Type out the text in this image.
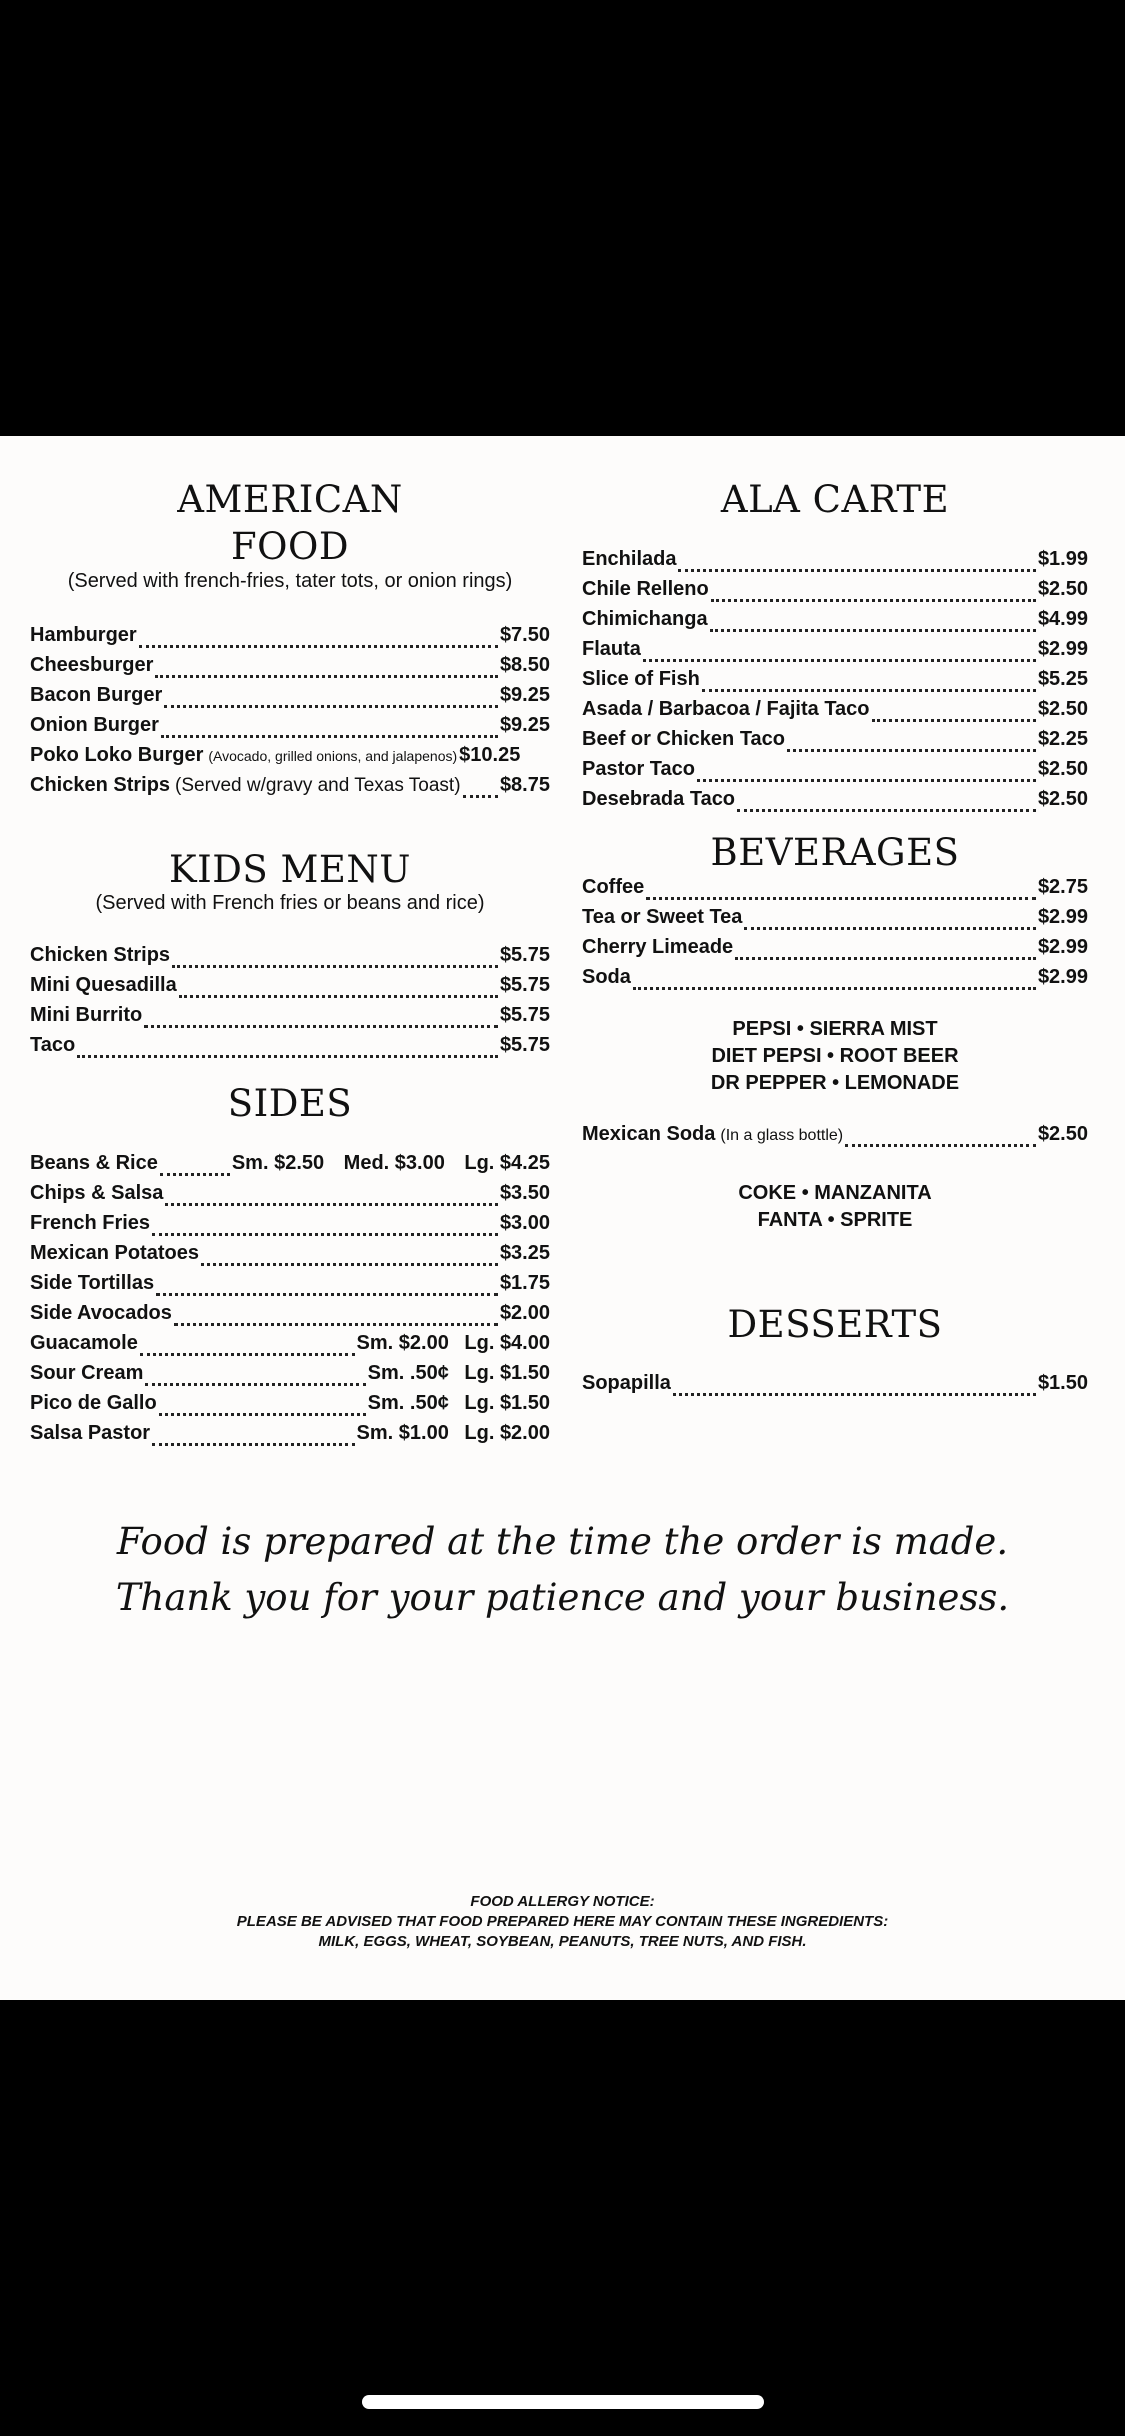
AMERICAN
FOOD
(Served with french-fries, tater tots, or onion rings)
Hamburger	$7.50
Cheesburger	$8.50
Bacon Burger	$9.25
Onion Burger	$9.25
Poko Loko Burger (Avocado, grilled onions, and jalapenos) $10.25
Chicken Strips (Served w/gravy and Texas Toast) $8.75
KIDS MENU
(Served with French fries or beans and rice)
Chicken Strips	$5.75
Mini Quesadilla	$5.75
Mini Burrito	$5.75
Taco	$5.75
SIDES
Beans & Rice	Sm. $2.50 Med. $3.00 Lg. $4.25
Chips & Salsa	$3.50
French Fries	$3.00
Mexican Potatoes	$3.25
Side Tortillas	$1.75
Side Avocados	$2.00
Guacamole	Sm. $2.00 Lg. $4.00
Sour Cream	Sm. .50¢ Lg. $1.50
Pico de Gallo	Sm. .50¢ Lg. $1.50
Salsa Pastor	Sm. $1.00 Lg. $2.00
ALA CARTE
Enchilada	$1.99
Chile Relleno	$2.50
Chimichanga	$4.99
Flauta	$2.99
Slice of Fish	$5.25
Asada / Barbacoa / Fajita Taco	$2.50
Beef or Chicken Taco	$2.25
Pastor Taco	$2.50
Desebrada Taco	$2.50
BEVERAGES
Coffee	$2.75
Tea or Sweet Tea	$2.99
Cherry Limeade	$2.99
Soda	$2.99
PEPSI • SIERRA MIST
DIET PEPSI • ROOT BEER
DR PEPPER • LEMONADE
Mexican Soda (In a glass bottle)	$2.50
COKE • MANZANITA
FANTA • SPRITE
DESSERTS
Sopapilla	$1.50
Food is prepared at the time the order is made.
Thank you for your patience and your business.
FOOD ALLERGY NOTICE:
PLEASE BE ADVISED THAT FOOD PREPARED HERE MAY CONTAIN THESE INGREDIENTS:
MILK, EGGS, WHEAT, SOYBEAN, PEANUTS, TREE NUTS, AND FISH.
